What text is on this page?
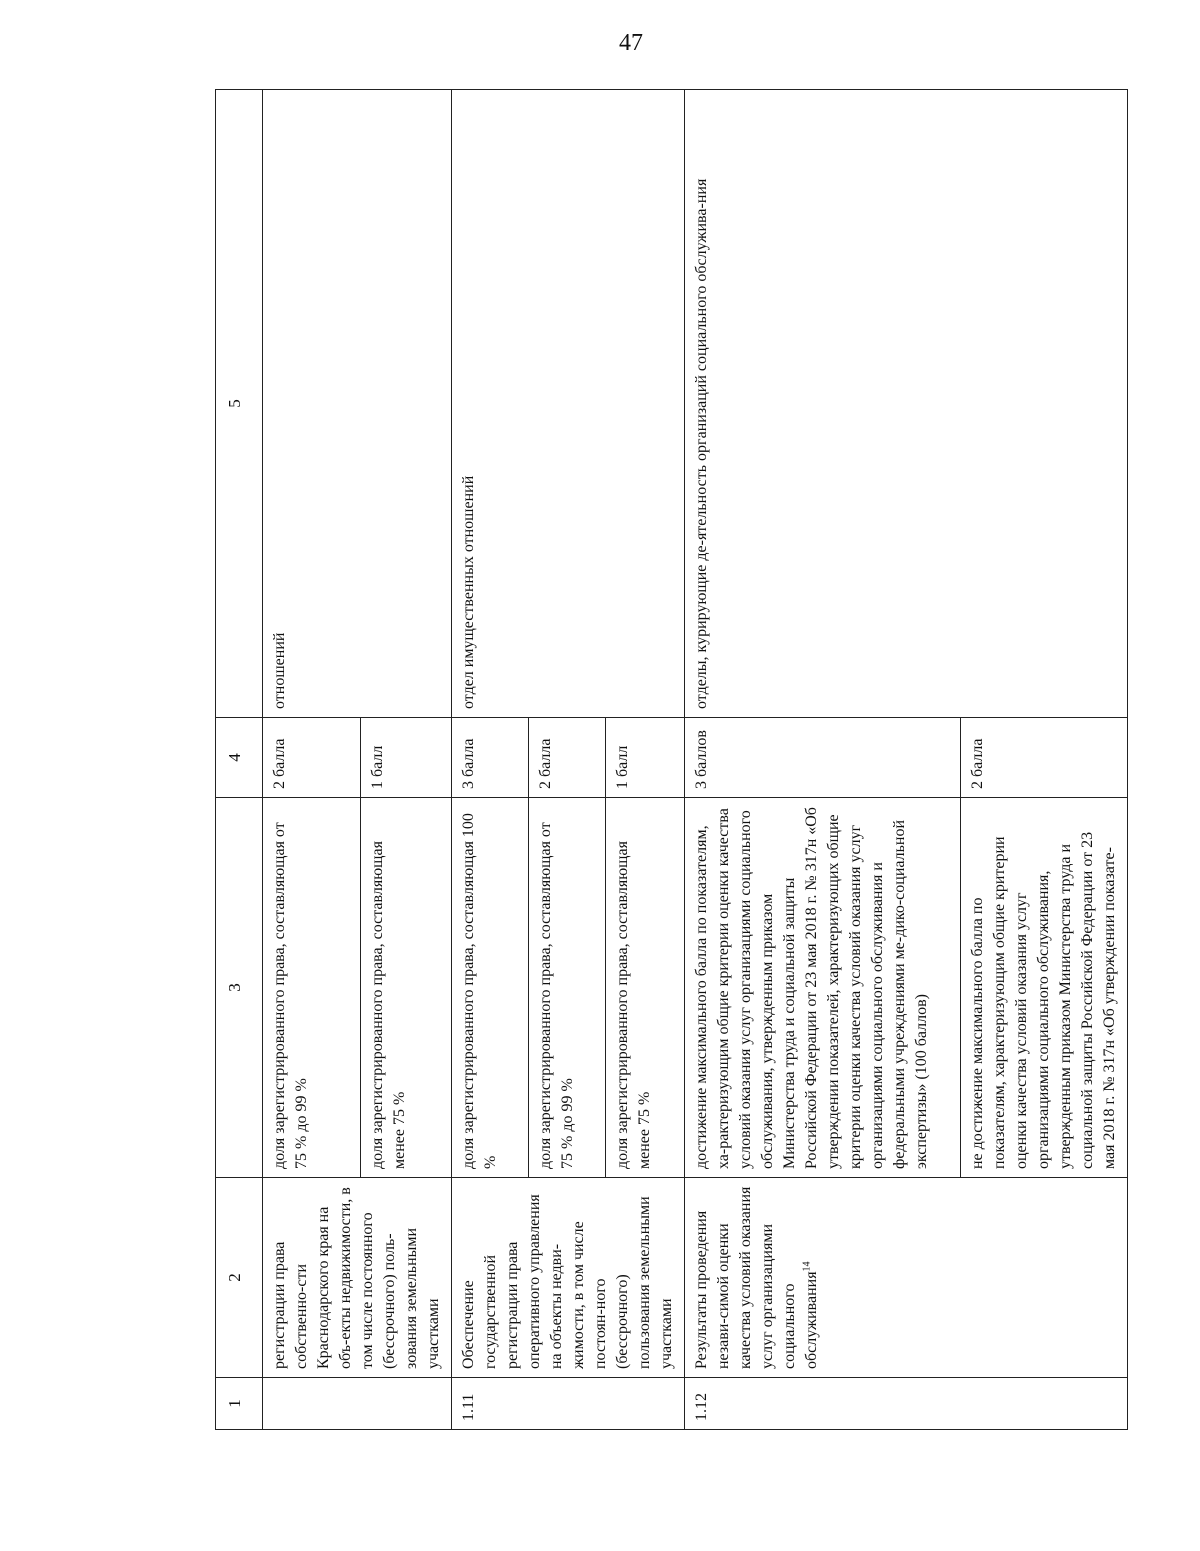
47
1	2	3	4	5
	регистрации права собственно-сти Краснодарского края на объ-екты недвижимости, в том числе постоянного (бессрочного) поль-зования земельными участками	доля зарегистрированного права, составляющая от 75 % до 99 %	2 балла	отношений
		доля зарегистрированного права, составляющая менее 75 %	1 балл	
1.11	Обеспечение государственной регистрации права оперативного управления на объекты недви-жимости, в том числе постоян-ного (бессрочного) пользования земельными участками	доля зарегистрированного права, составляющая 100 %	3 балла	отдел имущественных отношений
		доля зарегистрированного права, составляющая от 75 % до 99 %	2 балла	
		доля зарегистрированного права, составляющая менее 75 %	1 балл	
1.12	Результаты проведения незави-симой оценки качества условий оказания услуг организациями социального обслуживания$^{14}$	достижение максимального балла по показателям, ха-рактеризующим общие критерии оценки качества условий оказания услуг организациями социального обслуживания, утвержденным приказом Министерства труда и социальной защиты Российской Федерации от 23 мая 2018 г. № 317н «Об утверждении показателей, характеризующих общие критерии оценки качества условий оказания услуг организациями социального обслуживания и федеральными учреждениями ме-дико-социальной экспертизы» (100 баллов)	3 баллов	отделы, курирующие де-ятельность организаций социального обслужива-ния
		не достижение максимального балла по показателям, характеризующим общие критерии оценки качества условий оказания услуг организациями социального обслуживания, утвержденным приказом Министерства труда и социальной защиты Российской Федерации от 23 мая 2018 г. № 317н «Об утверждении показате-	2 балла	
